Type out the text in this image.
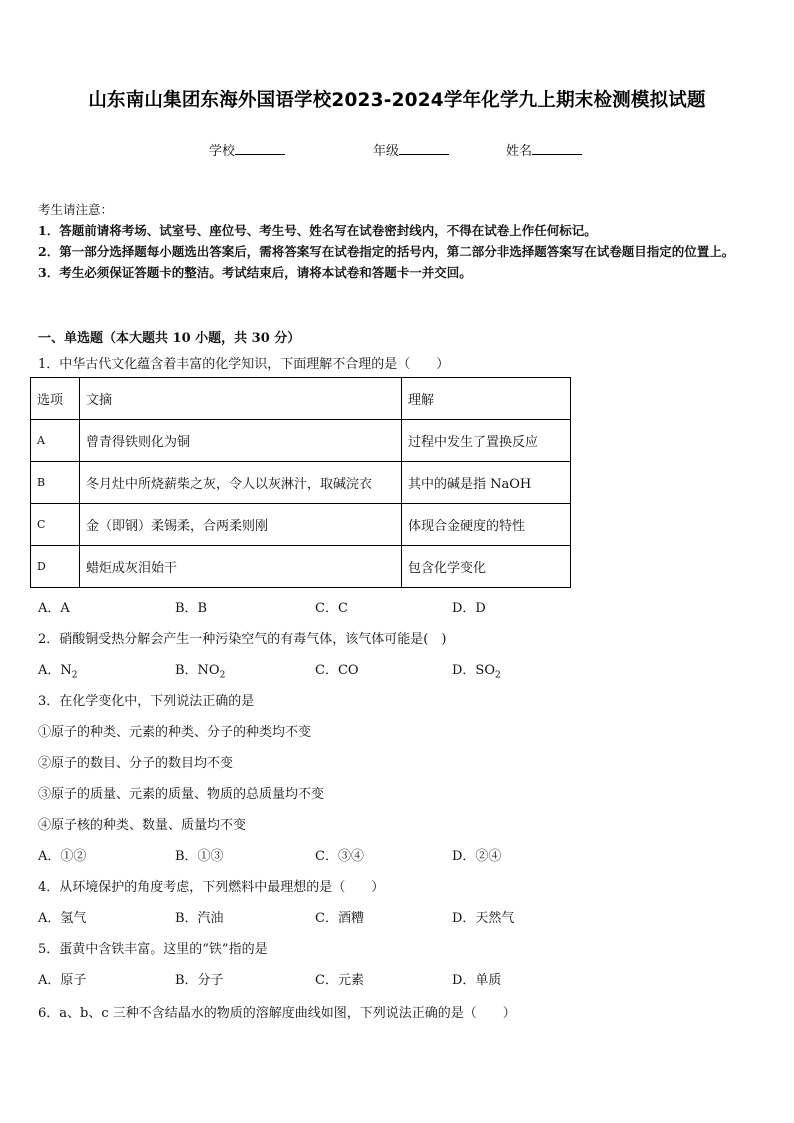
山东南山集团东海外国语学校2023-2024学年化学九上期末检测模拟试题
学校	年级	姓名
考生请注意：
1．答题前请将考场、试室号、座位号、考生号、姓名写在试卷密封线内，不得在试卷上作任何标记。
2．第一部分选择题每小题选出答案后，需将答案写在试卷指定的括号内，第二部分非选择题答案写在试卷题目指定的位置上。
3．考生必须保证答题卡的整洁。考试结束后，请将本试卷和答题卡一并交回。
一、单选题（本大题共 10 小题，共 30 分）
1．中华古代文化蕴含着丰富的化学知识，下面理解不合理的是（　　）
选项	文摘	理解
A	曾青得铁则化为铜	过程中发生了置换反应
B	冬月灶中所烧薪柴之灰，令人以灰淋汁，取碱浣衣	其中的碱是指 NaOH
C	金（即钢）柔锡柔，合两柔则刚	体现合金硬度的特性
D	蜡炬成灰泪始干	包含化学变化
A．A	B．B	C．C	D．D
2．硝酸铜受热分解会产生一种污染空气的有毒气体，该气体可能是(　)
A．$N_2$	B．$NO_2$	C．CO	D．$SO_2$
3．在化学变化中，下列说法正确的是
①原子的种类、元素的种类、分子的种类均不变
②原子的数目、分子的数目均不变
③原子的质量、元素的质量、物质的总质量均不变
④原子核的种类、数量、质量均不变
A．①②	B．①③	C．③④	D．②④
4．从环境保护的角度考虑，下列燃料中最理想的是（　　）
A．氢气	B．汽油	C．酒糟	D．天然气
5．蛋黄中含铁丰富。这里的“铁”指的是
A．原子	B．分子	C．元素	D．单质
6．a、b、c 三种不含结晶水的物质的溶解度曲线如图，下列说法正确的是（　　）
